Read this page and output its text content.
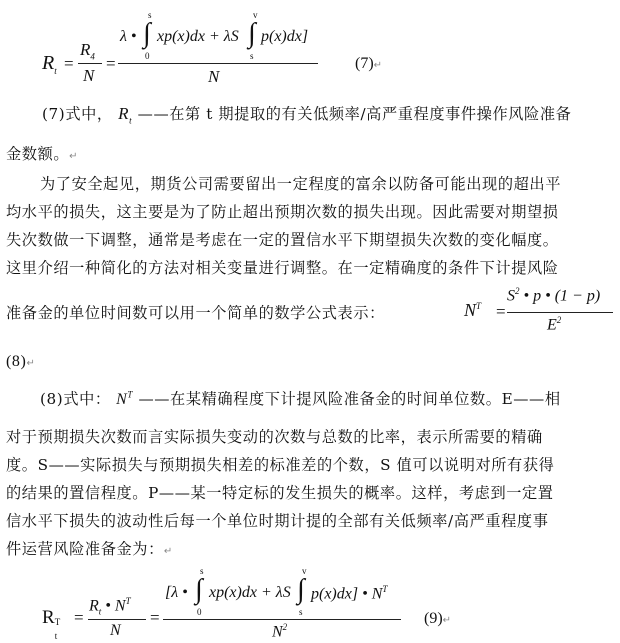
$R_t$ =
$R_4$
N
=
λ •
s
∫
0
xp(x)dx + λS
v
∫
s
p(x)dx]
N
(7)↵
(7)式中， $R_t$ ——在第 t 期提取的有关低频率/高严重程度事件操作风险准备
金数额。↵
为了安全起见，期货公司需要留出一定程度的富余以防备可能出现的超出平
均水平的损失，这主要是为了防止超出预期次数的损失出现。因此需要对期望损
失次数做一下调整，通常是考虑在一定的置信水平下期望损失次数的变化幅度。
这里介绍一种简化的方法对相关变量进行调整。在一定精确度的条件下计提风险
准备金的单位时间数可以用一个简单的数学公式表示：	$N^T$ =
$S^2$ • p • (1 − p)
$E^2$
(8)↵
(8)式中： $N^T$ ——在某精确程度下计提风险准备金的时间单位数。E——相
对于预期损失次数而言实际损失变动的次数与总数的比率，表示所需要的精确
度。S——实际损失与预期损失相差的标准差的个数，S 值可以说明对所有获得
的结果的置信程度。P——某一特定标的发生损失的概率。这样，考虑到一定置
信水平下损失的波动性后每一个单位时期计提的全部有关低频率/高严重程度事
件运营风险准备金为：↵
R T
t
=
$R_t$ • $N^T$
N
=
[λ •
s
∫
0
xp(x)dx + λS
v
∫
s
p(x)dx] • $N^T$
$N^2$	(9)↵
